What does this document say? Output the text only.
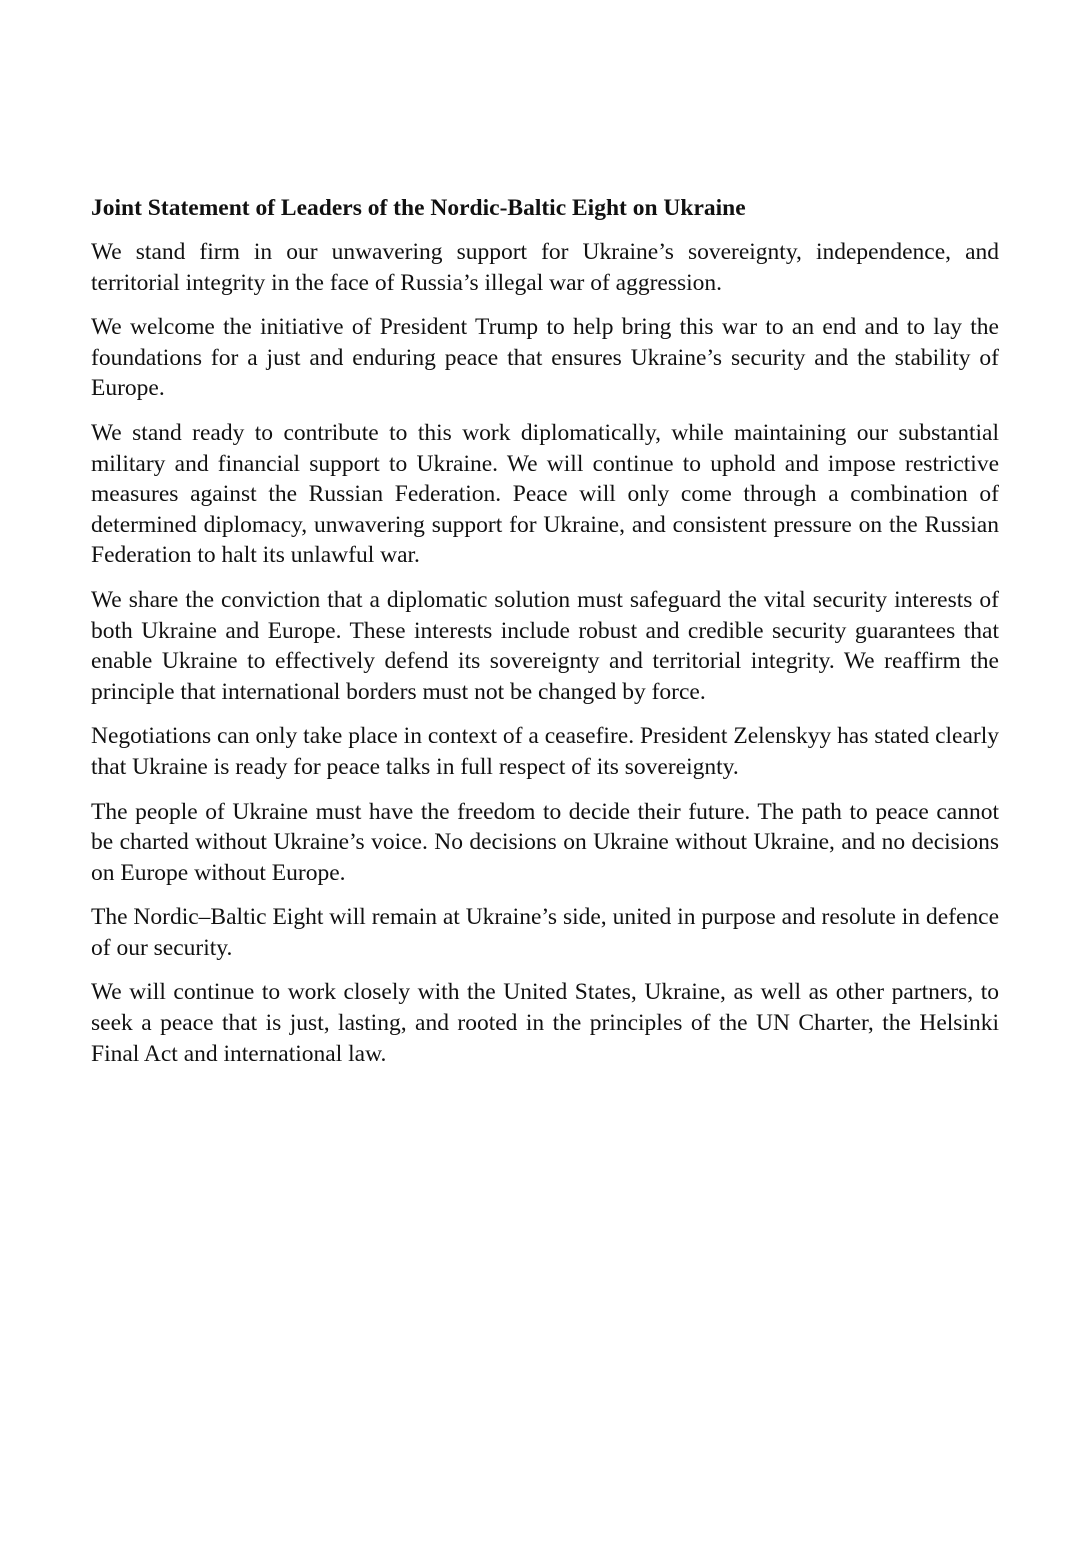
Joint Statement of Leaders of the Nordic-Baltic Eight on Ukraine

We stand firm in our unwavering support for Ukraine’s sovereignty, independence, and territorial integrity in the face of Russia’s illegal war of aggression.

We welcome the initiative of President Trump to help bring this war to an end and to lay the foundations for a just and enduring peace that ensures Ukraine’s security and the stability of Europe.

We stand ready to contribute to this work diplomatically, while maintaining our substantial military and financial support to Ukraine. We will continue to uphold and impose restrictive measures against the Russian Federation. Peace will only come through a combination of determined diplomacy, unwavering support for Ukraine, and consistent pressure on the Russian Federation to halt its unlawful war.

We share the conviction that a diplomatic solution must safeguard the vital security interests of both Ukraine and Europe. These interests include robust and credible security guarantees that enable Ukraine to effectively defend its sovereignty and territorial integrity. We reaffirm the principle that international borders must not be changed by force.

Negotiations can only take place in context of a ceasefire. President Zelenskyy has stated clearly that Ukraine is ready for peace talks in full respect of its sovereignty.

The people of Ukraine must have the freedom to decide their future. The path to peace cannot be charted without Ukraine’s voice. No decisions on Ukraine without Ukraine, and no decisions on Europe without Europe.

The Nordic–Baltic Eight will remain at Ukraine’s side, united in purpose and resolute in defence of our security.

We will continue to work closely with the United States, Ukraine, as well as other partners, to seek a peace that is just, lasting, and rooted in the principles of the UN Charter, the Helsinki Final Act and international law.
